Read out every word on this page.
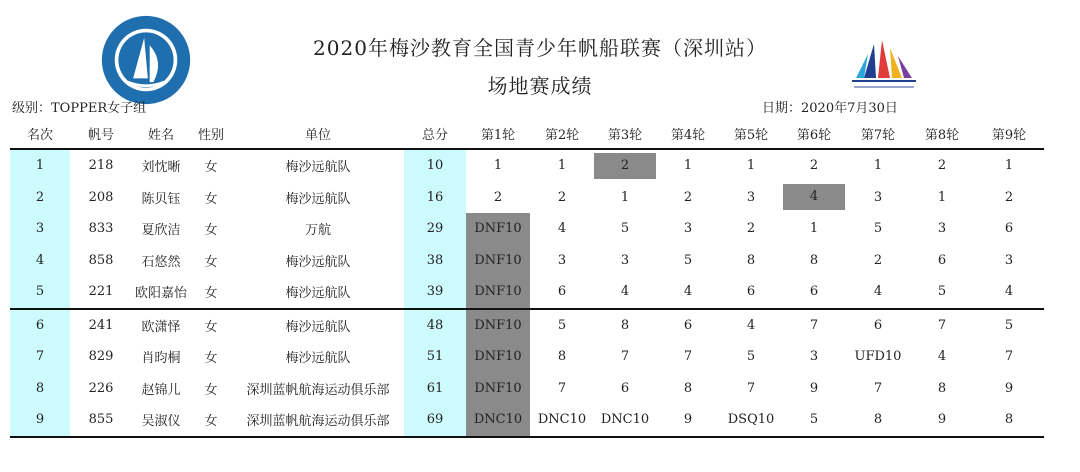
2020年梅沙教育全国青少年帆船联赛（深圳站）
场地赛成绩
级别：TOPPER女子组	日期：2020年7月30日
名次	帆号	姓名	性别	单位	总分	第1轮	第2轮	第3轮	第4轮	第5轮	第6轮	第7轮	第8轮	第9轮
1	218	刘忱晰	女	梅沙远航队	10	1	1	2	1	1	2	1	2	1
2	208	陈贝钰	女	梅沙远航队	16	2	2	1	2	3	4	3	1	2
3	833	夏欣洁	女	万航	29	DNF10	4	5	3	2	1	5	3	6
4	858	石悠然	女	梅沙远航队	38	DNF10	3	3	5	8	8	2	6	3
5	221	欧阳嘉怡	女	梅沙远航队	39	DNF10	6	4	4	6	6	4	5	4
6	241	欧潇怿	女	梅沙远航队	48	DNF10	5	8	6	4	7	6	7	5
7	829	肖昀桐	女	梅沙远航队	51	DNF10	8	7	7	5	3	UFD10	4	7
8	226	赵锦儿	女	深圳蓝帆航海运动俱乐部	61	DNF10	7	6	8	7	9	7	8	9
9	855	吴淑仪	女	深圳蓝帆航海运动俱乐部	69	DNC10	DNC10	DNC10	9	DSQ10	5	8	9	8
